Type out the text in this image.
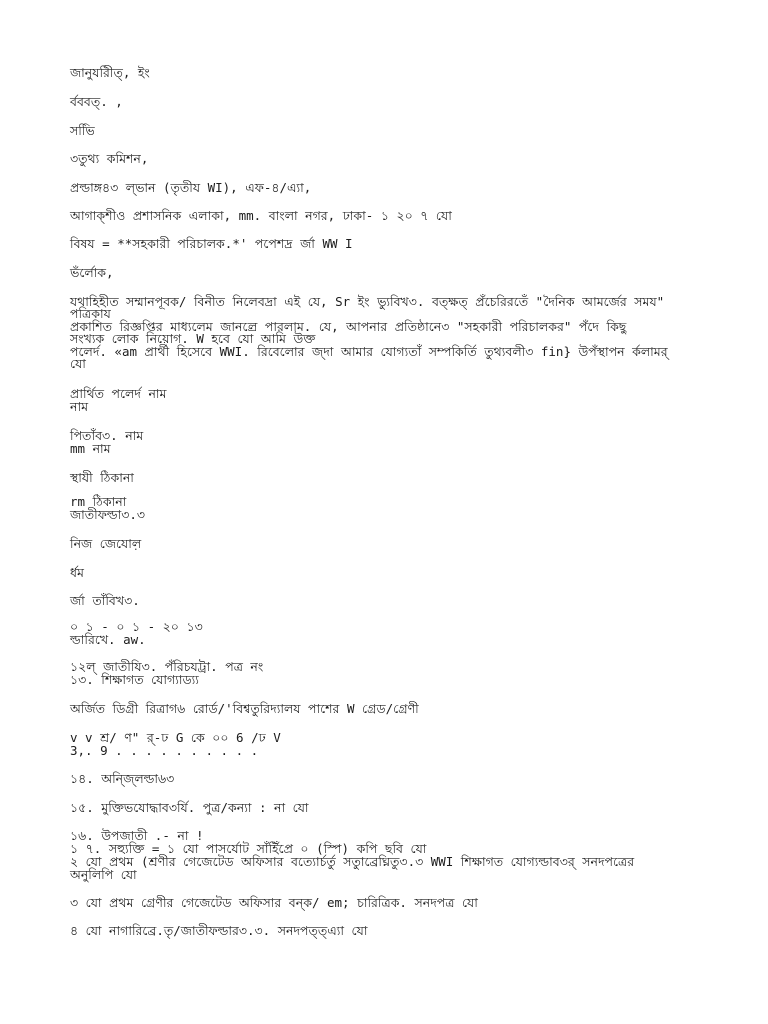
জানুযরীিত্‌, ইং
র্বববত্‌. ,
সভিি
৩তুথ্য কমিশন,
প্রল্ডাঙ্গ৪৩ ল্ভান (তৃতীয WI), এফ-৪/এ্যা,
আগাক্শীও প্রশাসনিক এলাকা, mm. বাংলা নগর, ঢাকা- ১ ২০ ৭ যো
বিষয = **সহকারী পরিচালক.*' পপেশদ্র র্জা WW I
ভঁর্লোক,
যথাহিহীত সম্মানপূবক/ বিনীত নিলেবদ্রা এই যে, Sr ইং ভ্যুবিখ৩. বত্ক্ষত্‌ প্রঁচেরিরতেঁ "দৈনিক আমর্জের সময"
পত্রিকায
প্রকাশিত রিজ্ঞপ্তির মাধ্যলেম জানল্রে পারলাম. যে, আপনার প্রতিষ্ঠানে৩ "সহকারী পরিচালকর" পঁদে কিছু
সংখ্যক লোক নিয়োগ. W হবে যো আমি উক্ত
পলের্দ. «am প্রার্থী হিসেবে WWI. রিবেলোর জ্দা আমার যোগ্যতাঁ সম্পকির্তি তুথ্যবলী৩ fin} উপঁস্থাপন র্কলামর্
যো
প্রার্থিত পলের্দ নাম
নাম
পিতাঁব৩. নাম
mm নাম
স্থাযী ঠিকানা
rm ঠিকানা
জাতীফল্ডা৩.৩
নিজ জেযো়ল
র্ধম
র্জা তাঁবিখ৩.
০ ১ - ০ ১ - ২০ ১৩
ল্ডারিখে. aw.
১২ল্‌ জাতীযি৩. পঁরিচযট্রা. পত্র নং
১৩. শিক্ষাগত যোগ্যাড্য্য
অর্জিত ডিগ্রী রিত্রাগ৬ রোর্ড/'বিশ্বতুরিদ্যালয পাশের W গ্রেড/গ্রেণী
v v শ্র/ ণ" র্-ঢ G কে ০০ 6 /ঢ V
3,. 9 . . . . . . . . . .
১৪. অন্জ্লিল্ডা৬৩
১৫. মুক্তিভযোদ্ধাব৩র্যি. পুত্র/কন্যা : না যো
১৬. উপজাতী .- না !
১ ৭. সহ্যুক্তি = ১ যো পাসর্যোট সাঁইিঁপ্রে ০ (স্পি) কপি ছবি যো
২ যো প্রথম (শ্রণীর গেজেটেড অফিসার বত্যোর্চর্তু সতুাব্রেঘ্নিতু৩.৩ WWI শিক্ষাগত যোগ্যল্ডাব৩র্ সনদপত্রের
অনুলিপি যো
৩ যো প্রথম গ্রেণীর গেজেটেড অফিসার বন্ক/ em; চারিত্রিক. সনদপত্র যো
৪ যো নাগারিব্রে.তৃ/জাতীফল্ডার৩.৩. সনদপত্ত্এ্যা যো
